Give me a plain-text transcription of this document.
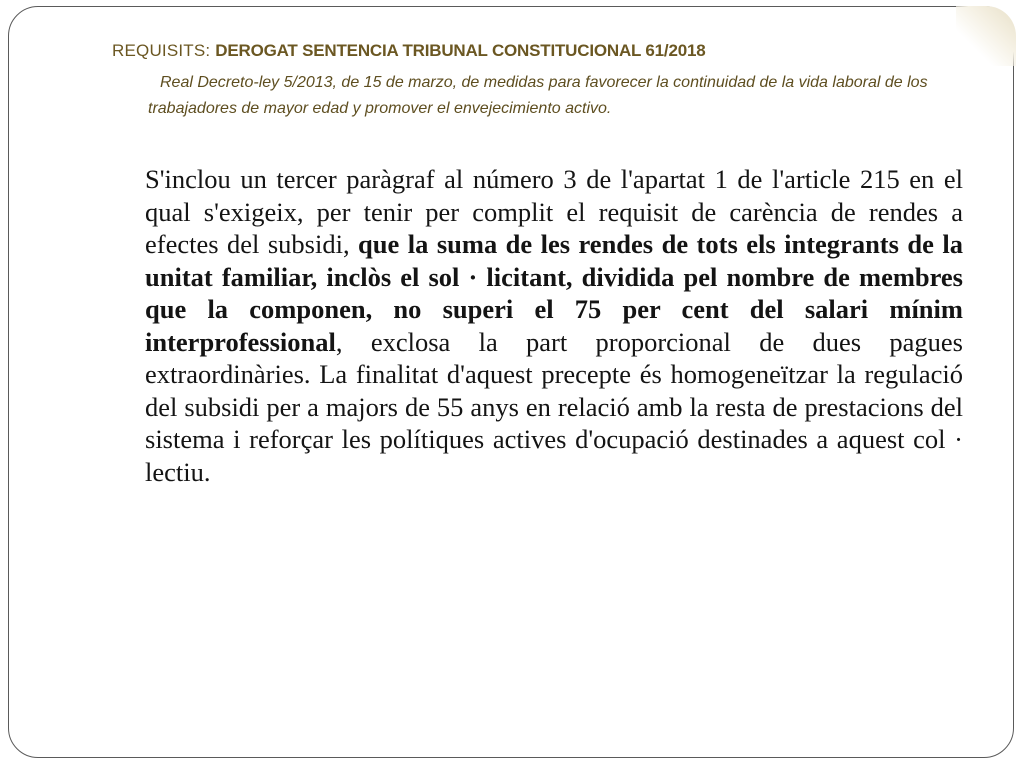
REQUISITS: DEROGAT SENTENCIA TRIBUNAL CONSTITUCIONAL 61/2018
Real Decreto-ley 5/2013, de 15 de marzo, de medidas para favorecer la continuidad de la vida laboral de los trabajadores de mayor edad y promover el envejecimiento activo.
S'inclou un tercer paràgraf al número 3 de l'apartat 1 de l'article 215 en el qual s'exigeix, per tenir per complit el requisit de carència de rendes a efectes del subsidi, que la suma de les rendes de tots els integrants de la unitat familiar, inclòs el sol · licitant, dividida pel nombre de membres que la componen, no superi el 75 per cent del salari mínim interprofessional, exclosa la part proporcional de dues pagues extraordinàries. La finalitat d'aquest precepte és homogeneïtzar la regulació del subsidi per a majors de 55 anys en relació amb la resta de prestacions del sistema i reforçar les polítiques actives d'ocupació destinades a aquest col · lectiu.
